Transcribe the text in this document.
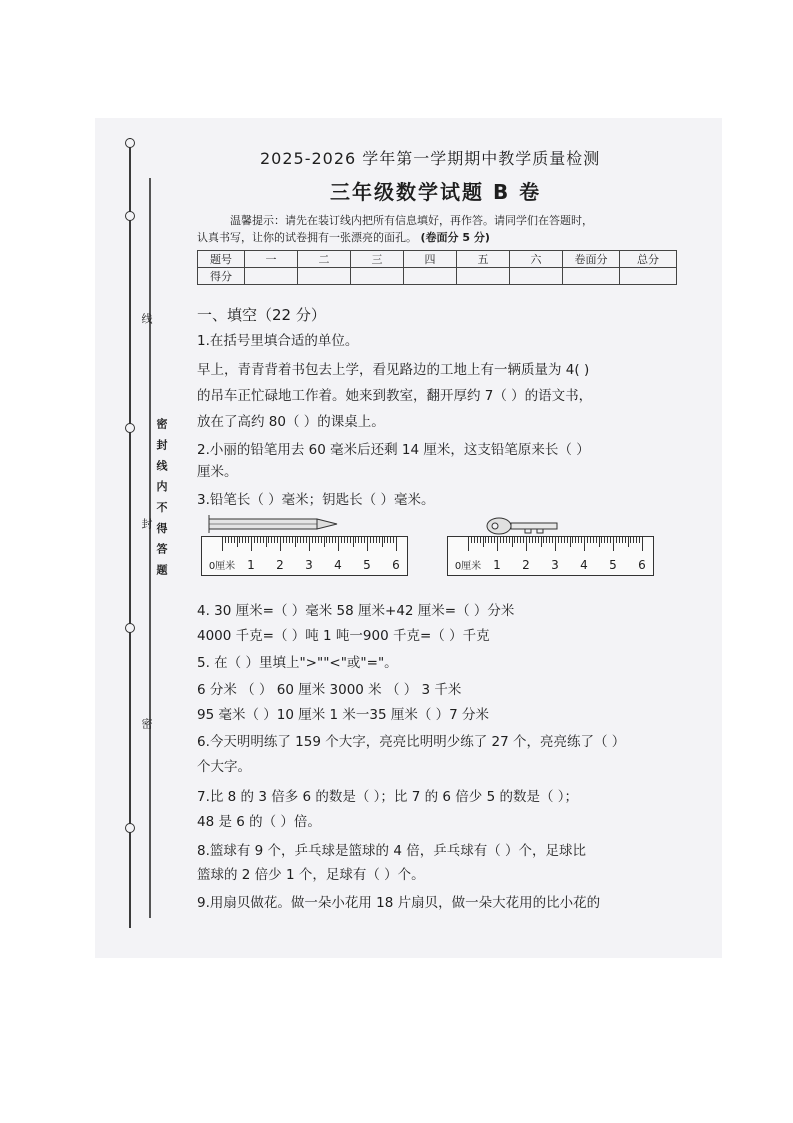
线
封
密
密 封 线 内 不 得 答 题
2025-2026 学年第一学期期中教学质量检测
三年级数学试题 B 卷
温馨提示：请先在装订线内把所有信息填好，再作答。请同学们在答题时，
认真书写，让你的试卷拥有一张漂亮的面孔。 (卷面分 5 分)
题号	一	二	三	四	五	六	卷面分	总分
得分								
一、填空（22 分）
1.在括号里填合适的单位。
早上，青青背着书包去上学，看见路边的工地上有一辆质量为 4( )
的吊车正忙碌地工作着。她来到教室，翻开厚约 7（ ）的语文书，
放在了高约 80（ ）的课桌上。
2.小丽的铅笔用去 60 毫米后还剩 14 厘米，这支铅笔原来长（ ）
厘米。
3.铅笔长（ ）毫米；钥匙长（ ）毫米。
0厘米 1 2 3 4 5 6	0厘米 1 2 3 4 5 6
4. 30 厘米=（ ）毫米 58 厘米+42 厘米=（ ）分米
4000 千克=（ ）吨 1 吨一900 千克=（ ）千克
5. 在（ ）里填上">""<"或"="。
6 分米 （ ） 60 厘米 3000 米 （ ） 3 千米
95 毫米（ ）10 厘米 1 米一35 厘米（ ）7 分米
6.今天明明练了 159 个大字，亮亮比明明少练了 27 个，亮亮练了（ ）
个大字。
7.比 8 的 3 倍多 6 的数是（ ）；比 7 的 6 倍少 5 的数是（ ）；
48 是 6 的（ ）倍。
8.篮球有 9 个，乒乓球是篮球的 4 倍，乒乓球有（ ）个，足球比
篮球的 2 倍少 1 个，足球有（ ）个。
9.用扇贝做花。做一朵小花用 18 片扇贝，做一朵大花用的比小花的
